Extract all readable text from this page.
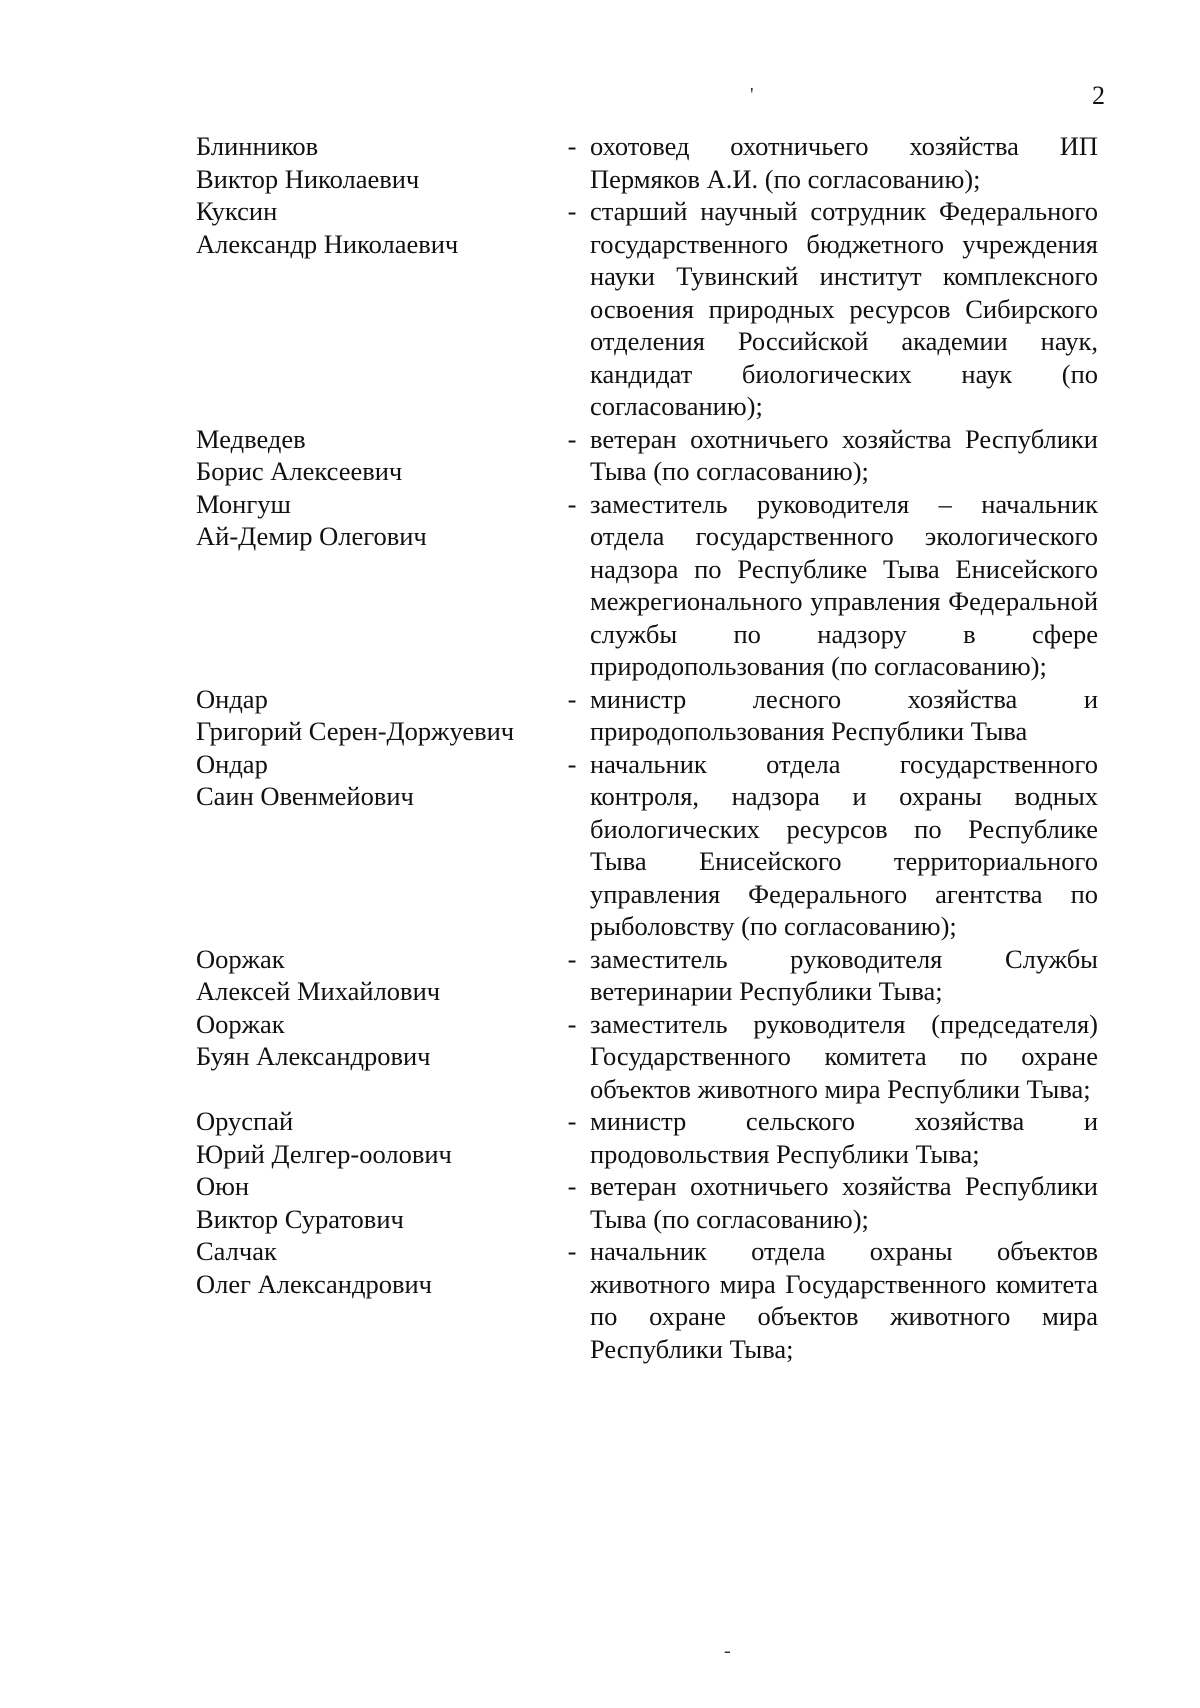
2
'
-
Блинников
Виктор Николаевич
- охотовед охотничьего хозяйства ИП Пермяков А.И. (по согласованию);
Куксин
Александр Николаевич
- старший научный сотрудник Федерального государственного бюджетного учреждения науки Тувинский институт комплексного освоения природных ресурсов Сибирского отделения Российской академии наук, кандидат биологических наук (по согласованию);
Медведев
Борис Алексеевич
- ветеран охотничьего хозяйства Республики Тыва (по согласованию);
Монгуш
Ай-Демир Олегович
- заместитель руководителя – начальник отдела государственного экологического надзора по Республике Тыва Енисейского межрегионального управления Федеральной службы по надзору в сфере природопользования (по согласованию);
Ондар
Григорий Серен-Доржуевич
- министр лесного хозяйства и природопользования Республики Тыва
Ондар
Саин Овенмейович
- начальник отдела государственного контроля, надзора и охраны водных биологических ресурсов по Республике Тыва Енисейского территориального управления Федерального агентства по рыболовству (по согласованию);
Ооржак
Алексей Михайлович
- заместитель руководителя Службы ветеринарии Республики Тыва;
Ооржак
Буян Александрович
- заместитель руководителя (председателя) Государственного комитета по охране объектов животного мира Республики Тыва;
Оруспай
Юрий Делгер-оолович
- министр сельского хозяйства и продовольствия Республики Тыва;
Оюн
Виктор Суратович
- ветеран охотничьего хозяйства Республики Тыва (по согласованию);
Салчак
Олег Александрович
- начальник отдела охраны объектов животного мира Государственного комитета по охране объектов животного мира Республики Тыва;
